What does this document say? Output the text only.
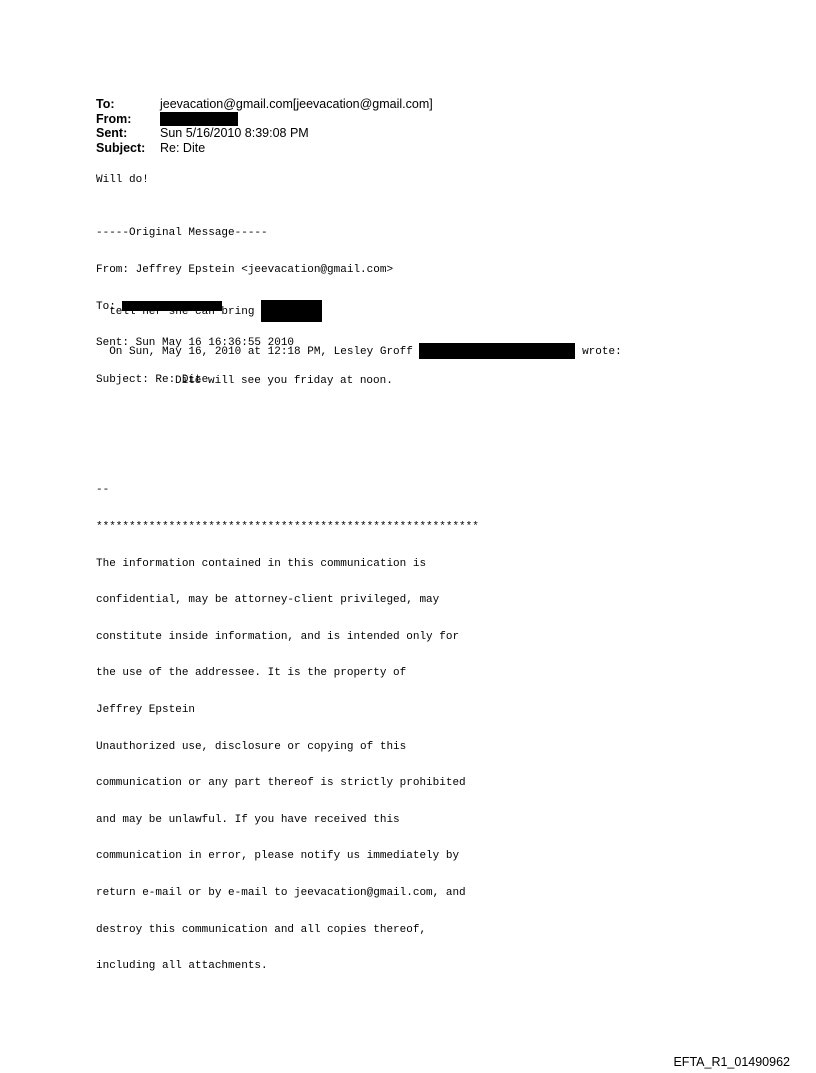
To:	jeevacation@gmail.com[jeevacation@gmail.com]
From:
Sent:	Sun 5/16/2010 8:39:08 PM
Subject:	Re: Dite
Will do!

-----Original Message-----

From: Jeffrey Epstein <jeevacation@gmail.com>

To:

Sent: Sun May 16 16:36:55 2010

Subject: Re: Dite

tell her she can bring

On Sun, May 16, 2010 at 12:18 PM, Lesley Groff	wrote:

Dite will see you friday at noon.

--

**********************************************************

The information contained in this communication is

confidential, may be attorney-client privileged, may

constitute inside information, and is intended only for

the use of the addressee. It is the property of

Jeffrey Epstein

Unauthorized use, disclosure or copying of this

communication or any part thereof is strictly prohibited

and may be unlawful. If you have received this

communication in error, please notify us immediately by

return e-mail or by e-mail to jeevacation@gmail.com, and

destroy this communication and all copies thereof,

including all attachments.

EFTA_R1_01490962
